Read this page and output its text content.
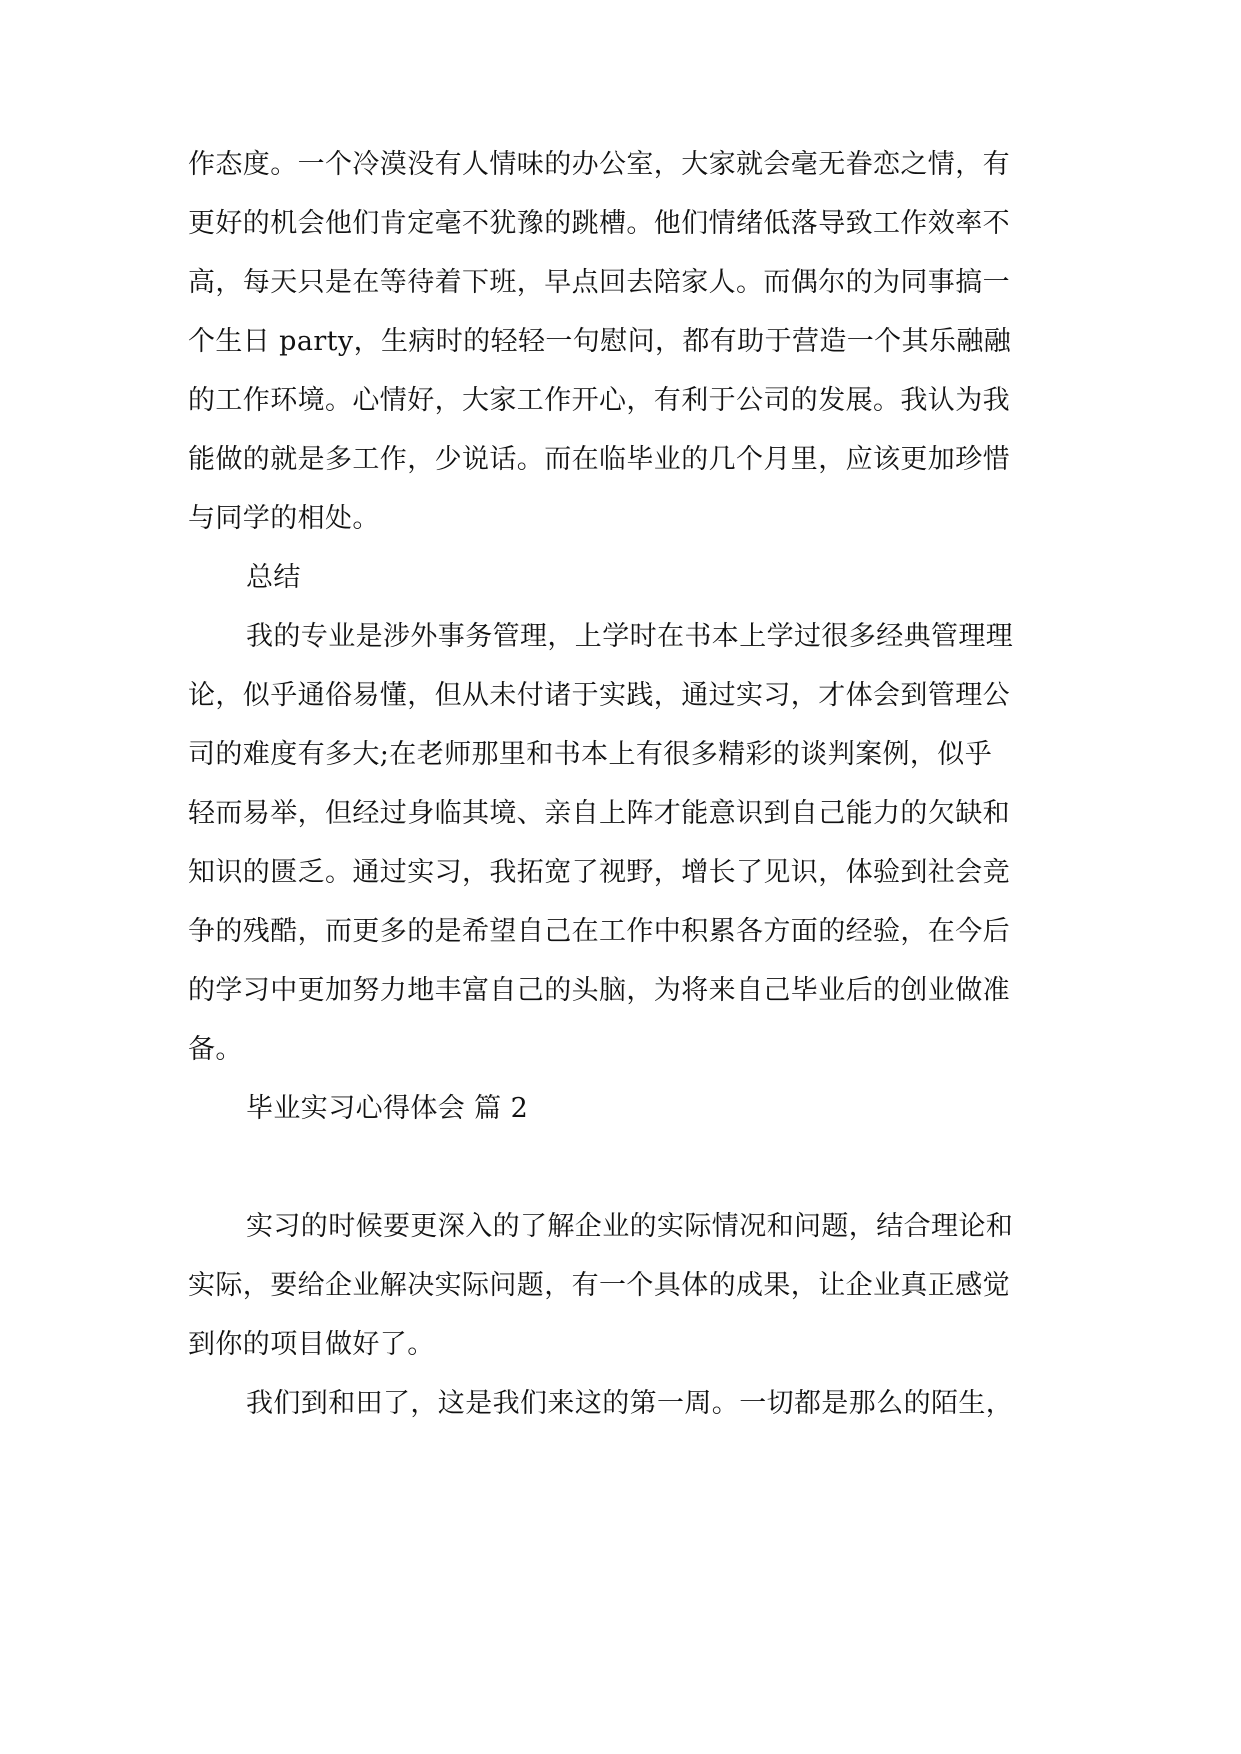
作态度。一个冷漠没有人情味的办公室，大家就会毫无眷恋之情，有
更好的机会他们肯定毫不犹豫的跳槽。他们情绪低落导致工作效率不
高，每天只是在等待着下班，早点回去陪家人。而偶尔的为同事搞一
个生日 party，生病时的轻轻一句慰问，都有助于营造一个其乐融融
的工作环境。心情好，大家工作开心，有利于公司的发展。我认为我
能做的就是多工作，少说话。而在临毕业的几个月里，应该更加珍惜
与同学的相处。
总结
我的专业是涉外事务管理，上学时在书本上学过很多经典管理理
论，似乎通俗易懂，但从未付诸于实践，通过实习，才体会到管理公
司的难度有多大;在老师那里和书本上有很多精彩的谈判案例，似乎
轻而易举，但经过身临其境、亲自上阵才能意识到自己能力的欠缺和
知识的匮乏。通过实习，我拓宽了视野，增长了见识，体验到社会竞
争的残酷，而更多的是希望自己在工作中积累各方面的经验，在今后
的学习中更加努力地丰富自己的头脑，为将来自己毕业后的创业做准
备。
毕业实习心得体会 篇 2
实习的时候要更深入的了解企业的实际情况和问题，结合理论和
实际，要给企业解决实际问题，有一个具体的成果，让企业真正感觉
到你的项目做好了。
我们到和田了，这是我们来这的第一周。一切都是那么的陌生，
